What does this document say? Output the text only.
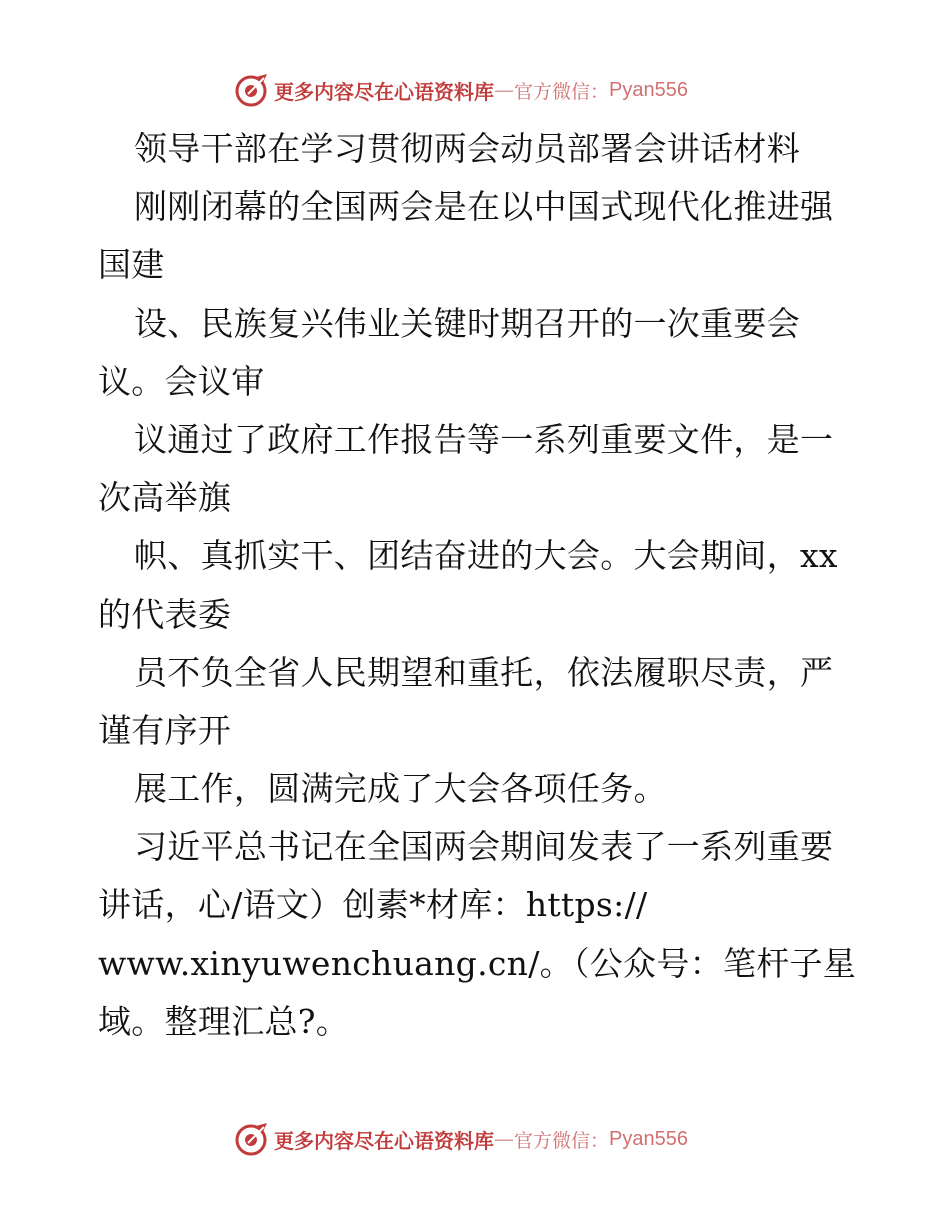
更多内容尽在心语资料库 — 官方微信： Pyan556
领导干部在学习贯彻两会动员部署会讲话材料
刚刚闭幕的全国两会是在以中国式现代化推进强
国建
设、民族复兴伟业关键时期召开的一次重要会
议。会议审
议通过了政府工作报告等一系列重要文件，是一
次高举旗
帜、真抓实干、团结奋进的大会。大会期间，xx
的代表委
员不负全省人民期望和重托，依法履职尽责，严
谨有序开
展工作，圆满完成了大会各项任务。
习近平总书记在全国两会期间发表了一系列重要
讲话，心/语文）创素*材库：https://
www.xinyuwenchuang.cn/。（公众号：笔杆子星
域。整理汇总?。
更多内容尽在心语资料库 — 官方微信： Pyan556
